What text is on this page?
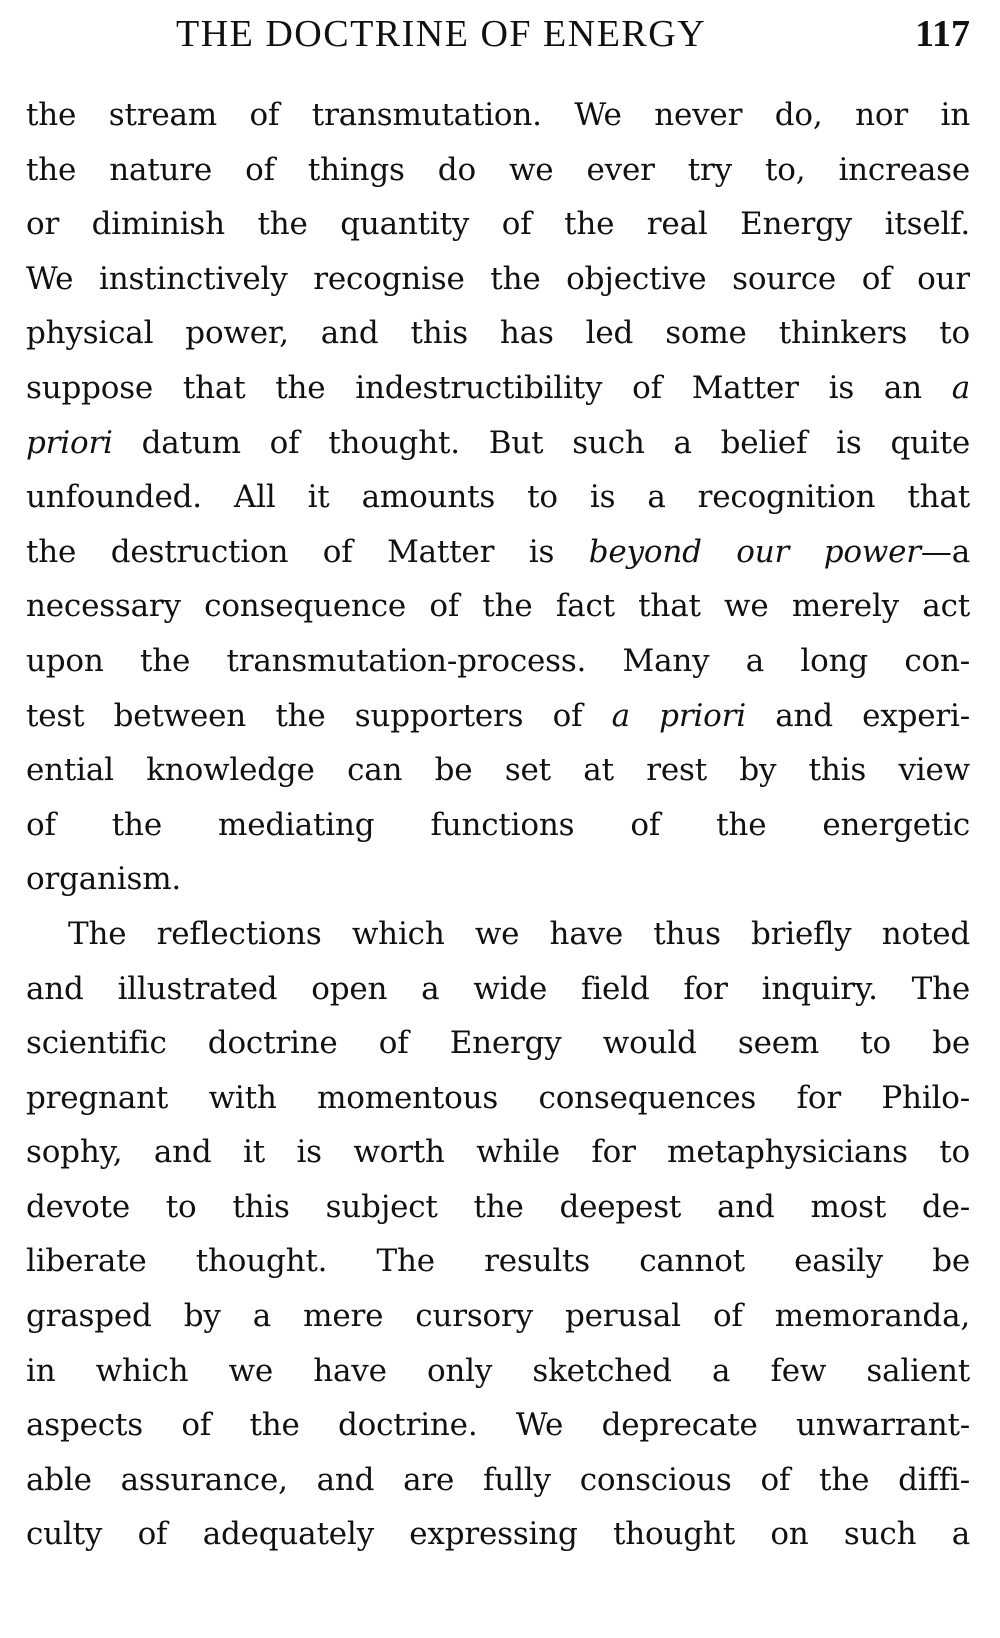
THE DOCTRINE OF ENERGY	117
the stream of transmutation. We never do, nor in
the nature of things do we ever try to, increase
or diminish the quantity of the real Energy itself.
We instinctively recognise the objective source of our
physical power, and this has led some thinkers to
suppose that the indestructibility of Matter is an a
priori datum of thought. But such a belief is quite
unfounded. All it amounts to is a recognition that
the destruction of Matter is beyond our power—a
necessary consequence of the fact that we merely act
upon the transmutation-process. Many a long con-
test between the supporters of a priori and experi-
ential knowledge can be set at rest by this view
of the mediating functions of the energetic
organism.
The reflections which we have thus briefly noted
and illustrated open a wide field for inquiry. The
scientific doctrine of Energy would seem to be
pregnant with momentous consequences for Philo-
sophy, and it is worth while for metaphysicians to
devote to this subject the deepest and most de-
liberate thought. The results cannot easily be
grasped by a mere cursory perusal of memoranda,
in which we have only sketched a few salient
aspects of the doctrine. We deprecate unwarrant-
able assurance, and are fully conscious of the diffi-
culty of adequately expressing thought on such a
